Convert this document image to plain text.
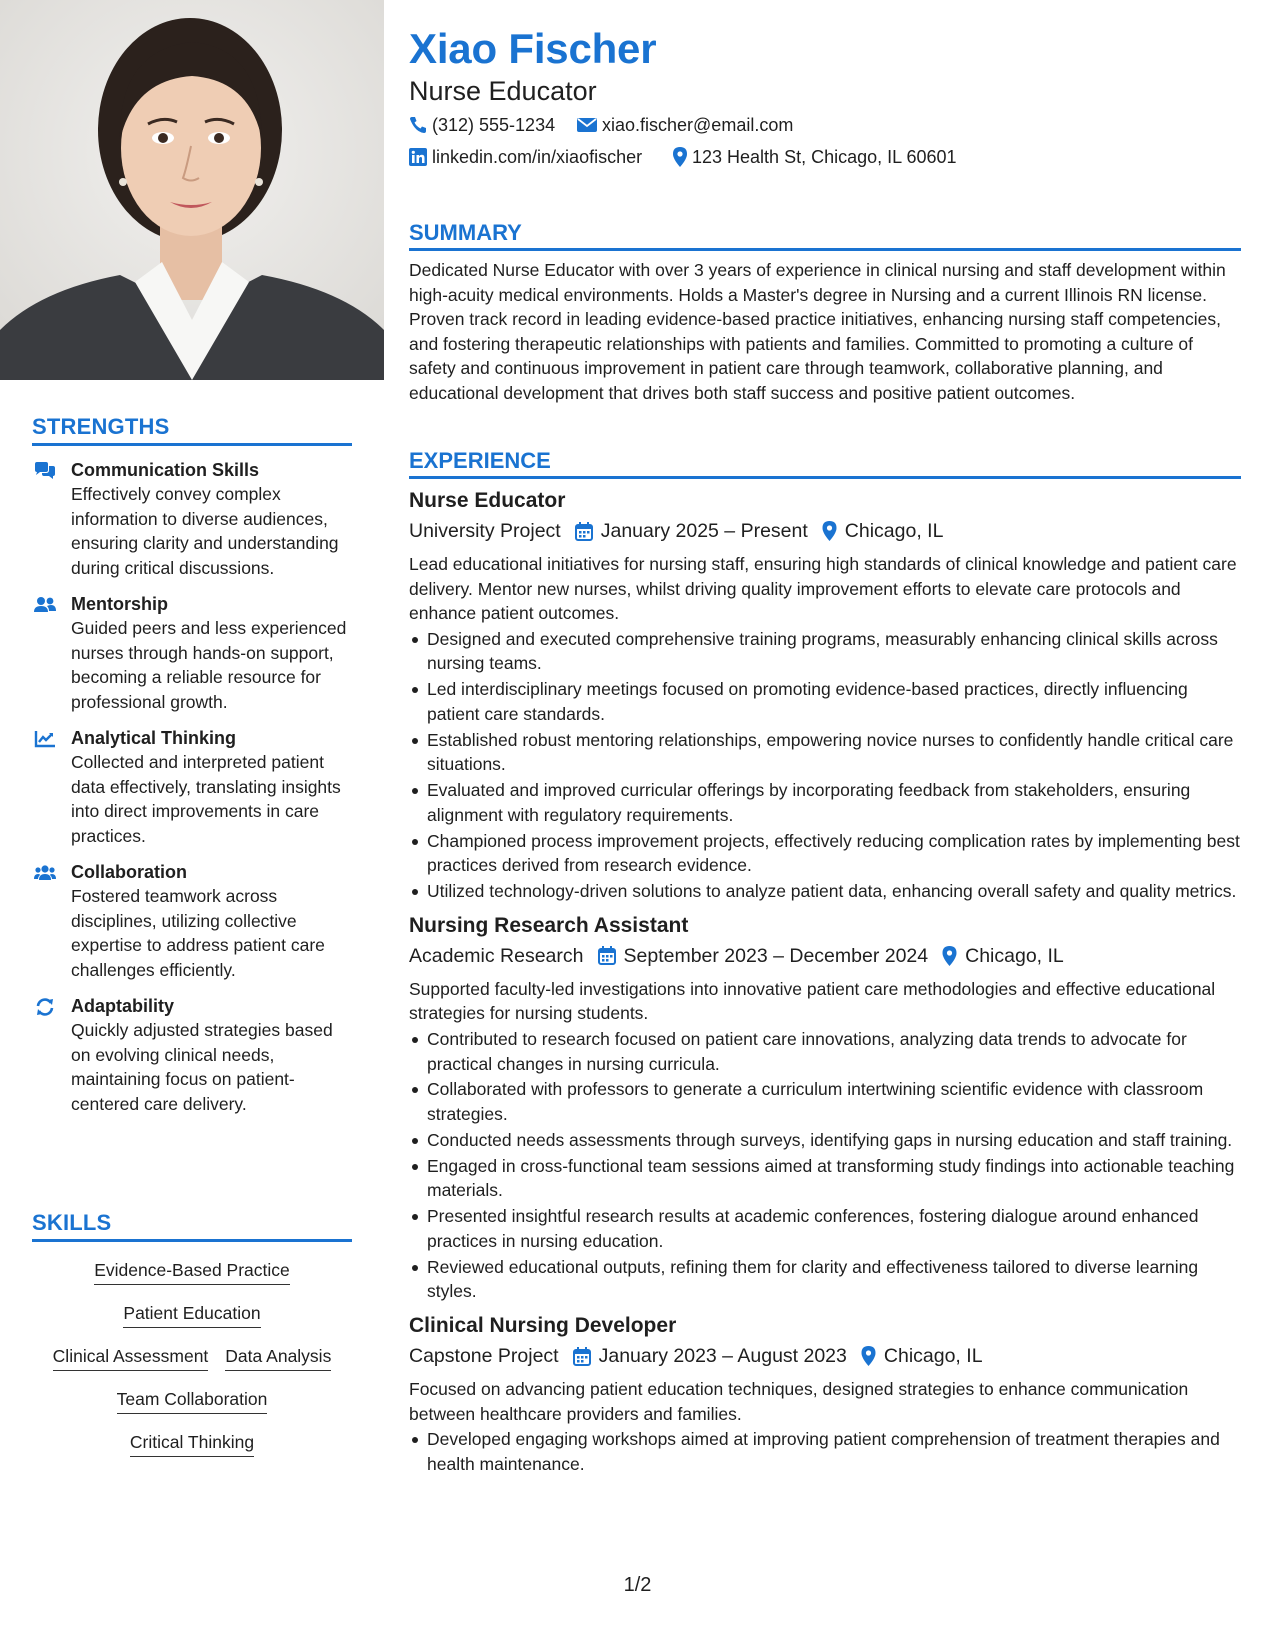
STRENGTHS
Communication Skills
Effectively convey complex information to diverse audiences, ensuring clarity and understanding during critical discussions.
Mentorship
Guided peers and less experienced nurses through hands-on support, becoming a reliable resource for professional growth.
Analytical Thinking
Collected and interpreted patient data effectively, translating insights into direct improvements in care practices.
Collaboration
Fostered teamwork across disciplines, utilizing collective expertise to address patient care challenges efficiently.
Adaptability
Quickly adjusted strategies based on evolving clinical needs, maintaining focus on patient-centered care delivery.
SKILLS
Evidence-Based Practice
Patient Education
Clinical Assessment Data Analysis
Team Collaboration
Critical Thinking
Xiao Fischer
Nurse Educator
(312) 555-1234	xiao.fischer@email.com
linkedin.com/in/xiaofischer	123 Health St, Chicago, IL 60601
SUMMARY
Dedicated Nurse Educator with over 3 years of experience in clinical nursing and staff development within high-acuity medical environments. Holds a Master's degree in Nursing and a current Illinois RN license. Proven track record in leading evidence-based practice initiatives, enhancing nursing staff competencies, and fostering therapeutic relationships with patients and families. Committed to promoting a culture of safety and continuous improvement in patient care through teamwork, collaborative planning, and educational development that drives both staff success and positive patient outcomes.
EXPERIENCE
Nurse Educator
University Project January 2025 – Present Chicago, IL
Lead educational initiatives for nursing staff, ensuring high standards of clinical knowledge and patient care delivery. Mentor new nurses, whilst driving quality improvement efforts to elevate care protocols and enhance patient outcomes.
Designed and executed comprehensive training programs, measurably enhancing clinical skills across nursing teams.
Led interdisciplinary meetings focused on promoting evidence-based practices, directly influencing patient care standards.
Established robust mentoring relationships, empowering novice nurses to confidently handle critical care situations.
Evaluated and improved curricular offerings by incorporating feedback from stakeholders, ensuring alignment with regulatory requirements.
Championed process improvement projects, effectively reducing complication rates by implementing best practices derived from research evidence.
Utilized technology-driven solutions to analyze patient data, enhancing overall safety and quality metrics.
Nursing Research Assistant
Academic Research September 2023 – December 2024 Chicago, IL
Supported faculty-led investigations into innovative patient care methodologies and effective educational strategies for nursing students.
Contributed to research focused on patient care innovations, analyzing data trends to advocate for practical changes in nursing curricula.
Collaborated with professors to generate a curriculum intertwining scientific evidence with classroom strategies.
Conducted needs assessments through surveys, identifying gaps in nursing education and staff training.
Engaged in cross-functional team sessions aimed at transforming study findings into actionable teaching materials.
Presented insightful research results at academic conferences, fostering dialogue around enhanced practices in nursing education.
Reviewed educational outputs, refining them for clarity and effectiveness tailored to diverse learning styles.
Clinical Nursing Developer
Capstone Project January 2023 – August 2023 Chicago, IL
Focused on advancing patient education techniques, designed strategies to enhance communication between healthcare providers and families.
Developed engaging workshops aimed at improving patient comprehension of treatment therapies and health maintenance.
1/2
